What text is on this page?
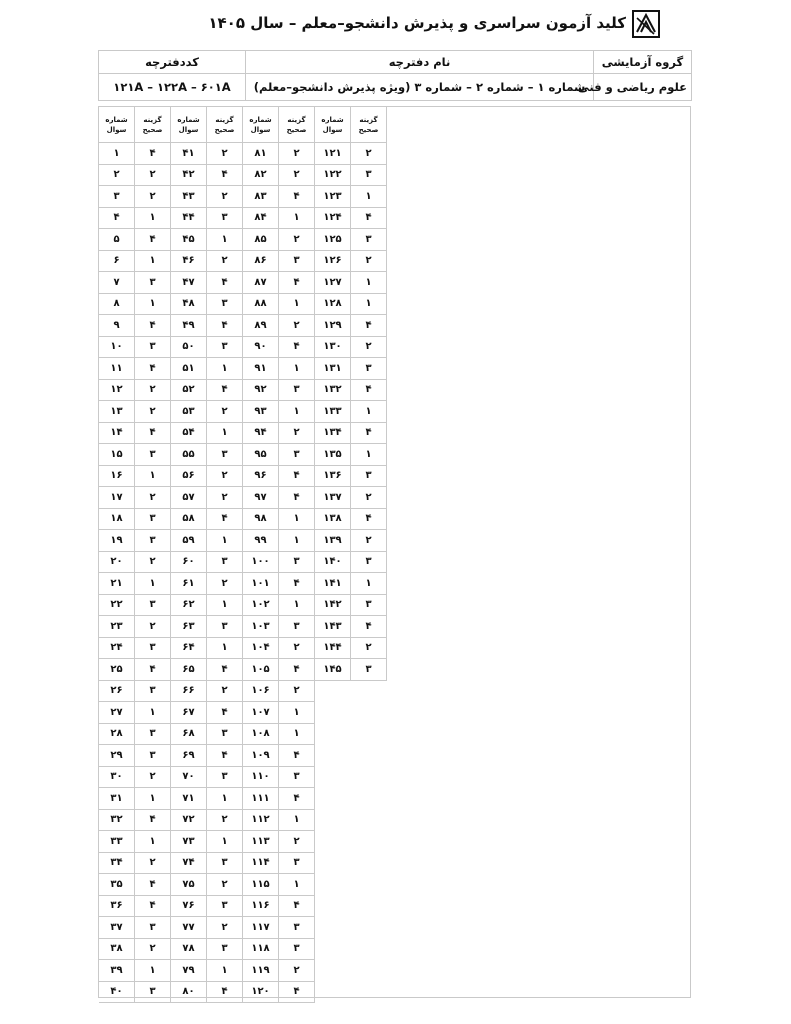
کلید آزمون سراسری و پذیرش دانشجو–معلم – سال ۱۴۰۵
گروه آزمایشی	نام دفترچه	کددفترچه
علوم ریاضی و فنی	شماره ۱ – شماره ۲ – شماره ۳ (ویژه پذیرش دانشجو–معلم)	۱۲۱A – ۱۲۲A – ۶۰۱A
شماره
سوال
گزینه
صحیح
۱	۴
۲	۲
۳	۲
۴	۱
۵	۴
۶	۱
۷	۳
۸	۱
۹	۴
۱۰	۳
۱۱	۴
۱۲	۲
۱۳	۲
۱۴	۴
۱۵	۳
۱۶	۱
۱۷	۲
۱۸	۳
۱۹	۳
۲۰	۲
۲۱	۱
۲۲	۳
۲۳	۲
۲۴	۳
۲۵	۴
۲۶	۳
۲۷	۱
۲۸	۳
۲۹	۳
۳۰	۲
۳۱	۱
۳۲	۴
۳۳	۱
۳۴	۲
۳۵	۴
۳۶	۴
۳۷	۳
۳۸	۲
۳۹	۱
۴۰	۳
شماره
سوال
گزینه
صحیح
۴۱	۲
۴۲	۴
۴۳	۲
۴۴	۳
۴۵	۱
۴۶	۲
۴۷	۴
۴۸	۳
۴۹	۴
۵۰	۳
۵۱	۱
۵۲	۴
۵۳	۲
۵۴	۱
۵۵	۳
۵۶	۲
۵۷	۲
۵۸	۴
۵۹	۱
۶۰	۳
۶۱	۲
۶۲	۱
۶۳	۳
۶۴	۱
۶۵	۴
۶۶	۲
۶۷	۴
۶۸	۳
۶۹	۴
۷۰	۳
۷۱	۱
۷۲	۲
۷۳	۱
۷۴	۳
۷۵	۲
۷۶	۳
۷۷	۲
۷۸	۳
۷۹	۱
۸۰	۴
شماره
سوال
گزینه
صحیح
۸۱	۲
۸۲	۲
۸۳	۴
۸۴	۱
۸۵	۲
۸۶	۳
۸۷	۴
۸۸	۱
۸۹	۲
۹۰	۴
۹۱	۱
۹۲	۳
۹۳	۱
۹۴	۲
۹۵	۳
۹۶	۴
۹۷	۴
۹۸	۱
۹۹	۱
۱۰۰	۳
۱۰۱	۴
۱۰۲	۱
۱۰۳	۳
۱۰۴	۲
۱۰۵	۴
۱۰۶	۲
۱۰۷	۱
۱۰۸	۱
۱۰۹	۴
۱۱۰	۳
۱۱۱	۴
۱۱۲	۱
۱۱۳	۲
۱۱۴	۳
۱۱۵	۱
۱۱۶	۴
۱۱۷	۳
۱۱۸	۳
۱۱۹	۲
۱۲۰	۴
شماره
سوال
گزینه
صحیح
۱۲۱	۲
۱۲۲	۳
۱۲۳	۱
۱۲۴	۴
۱۲۵	۳
۱۲۶	۲
۱۲۷	۱
۱۲۸	۱
۱۲۹	۴
۱۳۰	۲
۱۳۱	۳
۱۳۲	۴
۱۳۳	۱
۱۳۴	۴
۱۳۵	۱
۱۳۶	۳
۱۳۷	۲
۱۳۸	۴
۱۳۹	۲
۱۴۰	۳
۱۴۱	۱
۱۴۲	۳
۱۴۳	۴
۱۴۴	۲
۱۴۵	۳
